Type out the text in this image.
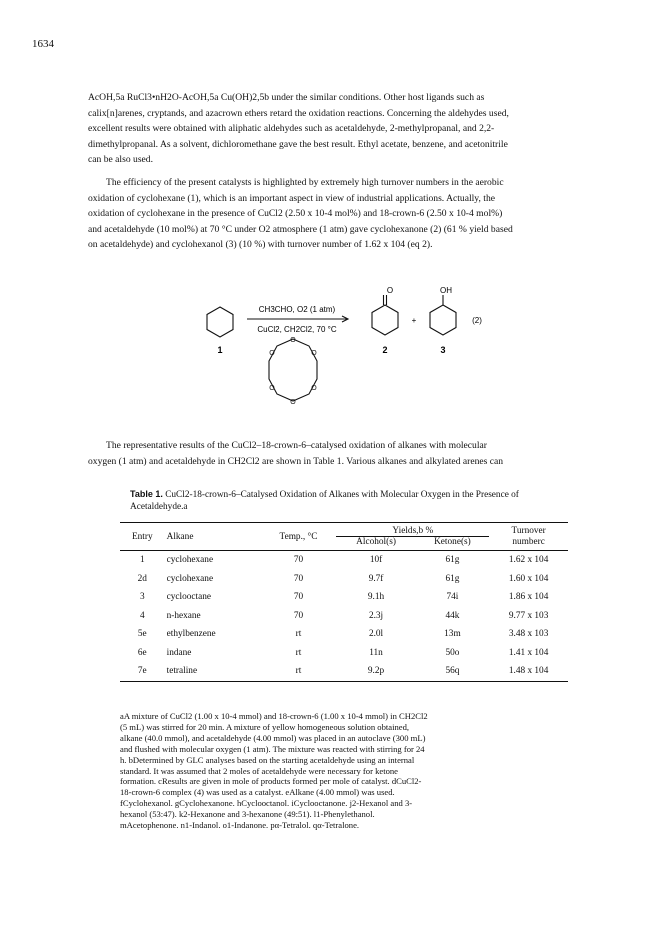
1634

AcOH,5a RuCl3•nH2O-AcOH,5a Cu(OH)2,5b under the similar conditions. Other host ligands such as

calix[n]arenes, cryptands, and azacrown ethers retard the oxidation reactions. Concerning the aldehydes used,

excellent results were obtained with aliphatic aldehydes such as acetaldehyde, 2-methylpropanal, and 2,2-

dimethylpropanal. As a solvent, dichloromethane gave the best result. Ethyl acetate, benzene, and acetonitrile

can be also used.

The efficiency of the present catalysts is highlighted by extremely high turnover numbers in the aerobic

oxidation of cyclohexane (1), which is an important aspect in view of industrial applications. Actually, the

oxidation of cyclohexane in the presence of CuCl2 (2.50 x 10-4 mol%) and 18-crown-6 (2.50 x 10-4 mol%)

and acetaldehyde (10 mol%) at 70 °C under O2 atmosphere (1 atm) gave cyclohexanone (2) (61 % yield based

on acetaldehyde) and cyclohexanol (3) (10 %) with turnover number of 1.62 x 104 (eq 2).

O	OH
CH3CHO, O2 (1 atm)
CuCl2, CH2Cl2, 70 °C
1	2	3
+	(2)
O
O
O
O
O
O

The representative results of the CuCl2–18-crown-6–catalysed oxidation of alkanes with molecular

oxygen (1 atm) and acetaldehyde in CH2Cl2 are shown in Table 1. Various alkanes and alkylated arenes can

Table 1. CuCl2-18-crown-6–Catalysed Oxidation of Alkanes with Molecular Oxygen in the Presence of Acetaldehyde.a
Entry	Alkane	Temp., °C	Yields,b %		Turnover
			Alcohol(s)	Ketone(s)	numberc

1	cyclohexane	70	10f	61g	1.62 x 104
2d	cyclohexane	70	9.7f	61g	1.60 x 104
3	cyclooctane	70	9.1h	74i	1.86 x 104
4	n-hexane	70	2.3j	44k	9.77 x 103
5e	ethylbenzene	rt	2.0l	13m	3.48 x 103
6e	indane	rt	11n	50o	1.41 x 104
7e	tetraline	rt	9.2p	56q	1.48 x 104
aA mixture of CuCl2 (1.00 x 10-4 mmol) and 18-crown-6 (1.00 x 10-4 mmol) in CH2Cl2
(5 mL) was stirred for 20 min. A mixture of yellow homogeneous solution obtained,
alkane (40.0 mmol), and acetaldehyde (4.00 mmol) was placed in an autoclave (300 mL)
and flushed with molecular oxygen (1 atm). The mixture was reacted with stirring for 24
h. bDetermined by GLC analyses based on the starting acetaldehyde using an internal
standard. It was assumed that 2 moles of acetaldehyde were necessary for ketone
formation. cResults are given in mole of products formed per mole of catalyst. dCuCl2-
18-crown-6 complex (4) was used as a catalyst. eAlkane (4.00 mmol) was used.
fCyclohexanol. gCyclohexanone. hCyclooctanol. iCyclooctanone. j2-Hexanol and 3-
hexanol (53:47). k2-Hexanone and 3-hexanone (49:51). l1-Phenylethanol.
mAcetophenone. n1-Indanol. o1-Indanone. pα-Tetralol. qα-Tetralone.
